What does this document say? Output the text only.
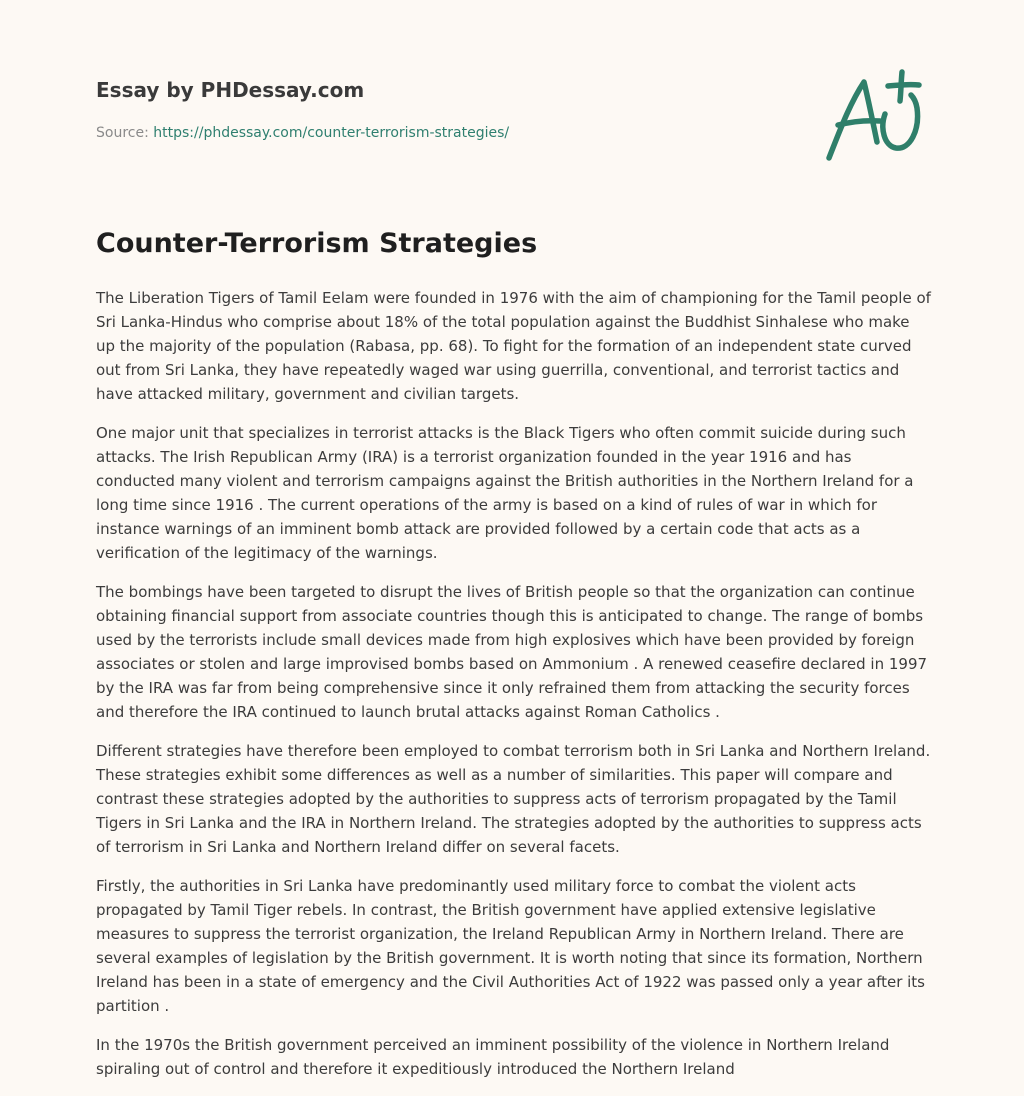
Essay by PHDessay.com
Source: https://phdessay.com/counter-terrorism-strategies/
Counter-Terrorism Strategies

The Liberation Tigers of Tamil Eelam were founded in 1976 with the aim of championing for the Tamil people of Sri Lanka-Hindus who comprise about 18% of the total population against the Buddhist Sinhalese who make up the majority of the population (Rabasa, pp. 68). To fight for the formation of an independent state curved out from Sri Lanka, they have repeatedly waged war using guerrilla, conventional, and terrorist tactics and have attacked military, government and civilian targets.

One major unit that specializes in terrorist attacks is the Black Tigers who often commit suicide during such attacks. The Irish Republican Army (IRA) is a terrorist organization founded in the year 1916 and has conducted many violent and terrorism campaigns against the British authorities in the Northern Ireland for a long time since 1916 . The current operations of the army is based on a kind of rules of war in which for instance warnings of an imminent bomb attack are provided followed by a certain code that acts as a verification of the legitimacy of the warnings.

The bombings have been targeted to disrupt the lives of British people so that the organization can continue obtaining financial support from associate countries though this is anticipated to change. The range of bombs used by the terrorists include small devices made from high explosives which have been provided by foreign associates or stolen and large improvised bombs based on Ammonium . A renewed ceasefire declared in 1997 by the IRA was far from being comprehensive since it only refrained them from attacking the security forces and therefore the IRA continued to launch brutal attacks against Roman Catholics .

Different strategies have therefore been employed to combat terrorism both in Sri Lanka and Northern Ireland. These strategies exhibit some differences as well as a number of similarities. This paper will compare and contrast these strategies adopted by the authorities to suppress acts of terrorism propagated by the Tamil Tigers in Sri Lanka and the IRA in Northern Ireland. The strategies adopted by the authorities to suppress acts of terrorism in Sri Lanka and Northern Ireland differ on several facets.

Firstly, the authorities in Sri Lanka have predominantly used military force to combat the violent acts propagated by Tamil Tiger rebels. In contrast, the British government have applied extensive legislative measures to suppress the terrorist organization, the Ireland Republican Army in Northern Ireland. There are several examples of legislation by the British government. It is worth noting that since its formation, Northern Ireland has been in a state of emergency and the Civil Authorities Act of 1922 was passed only a year after its partition .

In the 1970s the British government perceived an imminent possibility of the violence in Northern Ireland spiraling out of control and therefore it expeditiously introduced the Northern Ireland
